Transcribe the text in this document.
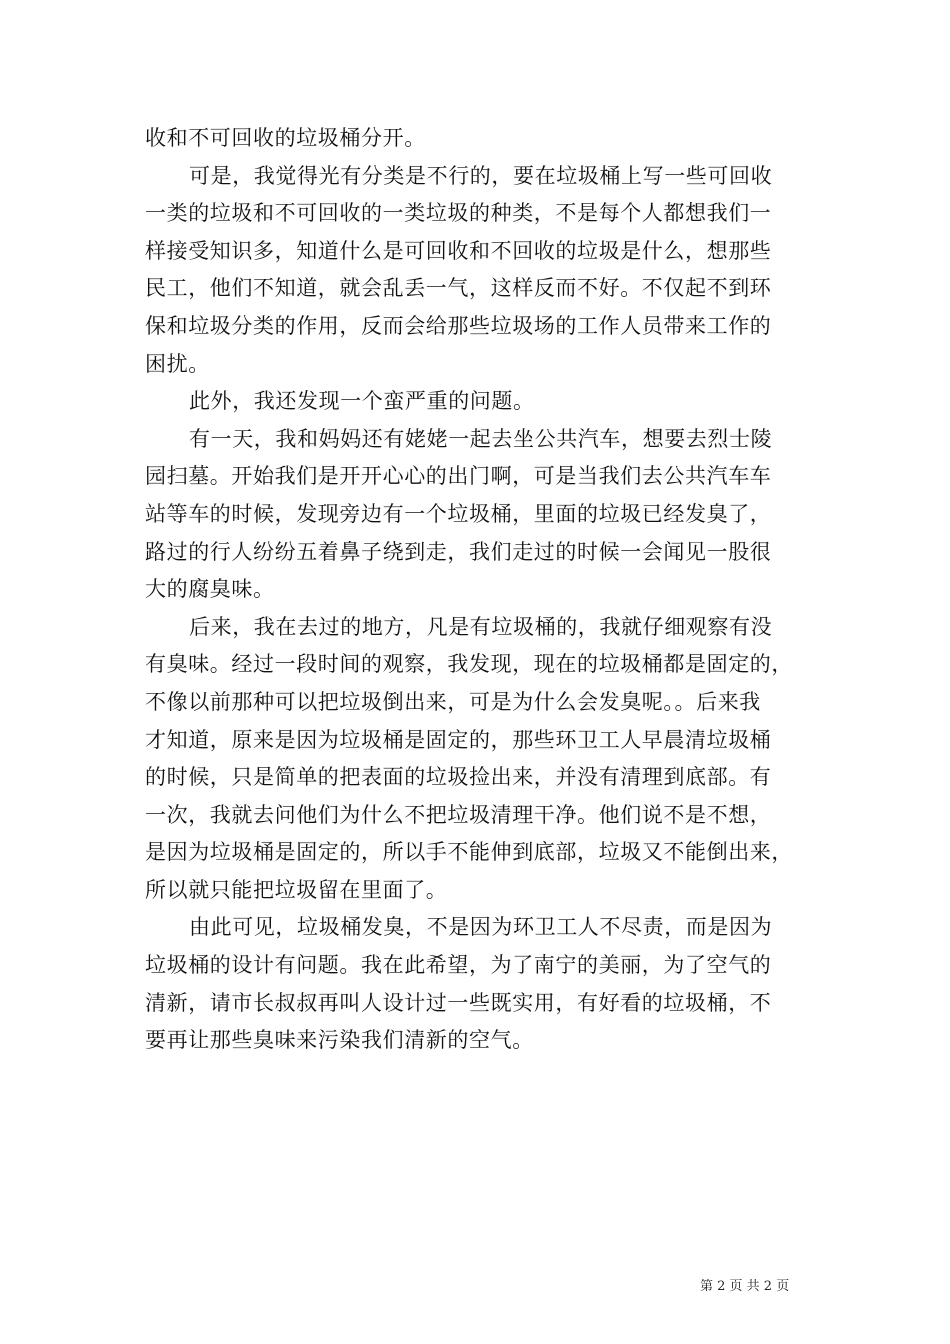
收和不可回收的垃圾桶分开。
可是，我觉得光有分类是不行的，要在垃圾桶上写一些可回收
一类的垃圾和不可回收的一类垃圾的种类，不是每个人都想我们一
样接受知识多，知道什么是可回收和不回收的垃圾是什么，想那些
民工，他们不知道，就会乱丢一气，这样反而不好。不仅起不到环
保和垃圾分类的作用，反而会给那些垃圾场的工作人员带来工作的
困扰。
此外，我还发现一个蛮严重的问题。
有一天，我和妈妈还有姥姥一起去坐公共汽车，想要去烈士陵
园扫墓。开始我们是开开心心的出门啊，可是当我们去公共汽车车
站等车的时候，发现旁边有一个垃圾桶，里面的垃圾已经发臭了，
路过的行人纷纷五着鼻子绕到走，我们走过的时候一会闻见一股很
大的腐臭味。
后来，我在去过的地方，凡是有垃圾桶的，我就仔细观察有没
有臭味。经过一段时间的观察，我发现，现在的垃圾桶都是固定的，
不像以前那种可以把垃圾倒出来，可是为什么会发臭呢。。后来我
才知道，原来是因为垃圾桶是固定的，那些环卫工人早晨清垃圾桶
的时候，只是简单的把表面的垃圾捡出来，并没有清理到底部。有
一次，我就去问他们为什么不把垃圾清理干净。他们说不是不想，
是因为垃圾桶是固定的，所以手不能伸到底部，垃圾又不能倒出来，
所以就只能把垃圾留在里面了。
由此可见，垃圾桶发臭，不是因为环卫工人不尽责，而是因为
垃圾桶的设计有问题。我在此希望，为了南宁的美丽，为了空气的
清新，请市长叔叔再叫人设计过一些既实用，有好看的垃圾桶，不
要再让那些臭味来污染我们清新的空气。
第 2 页 共 2 页
